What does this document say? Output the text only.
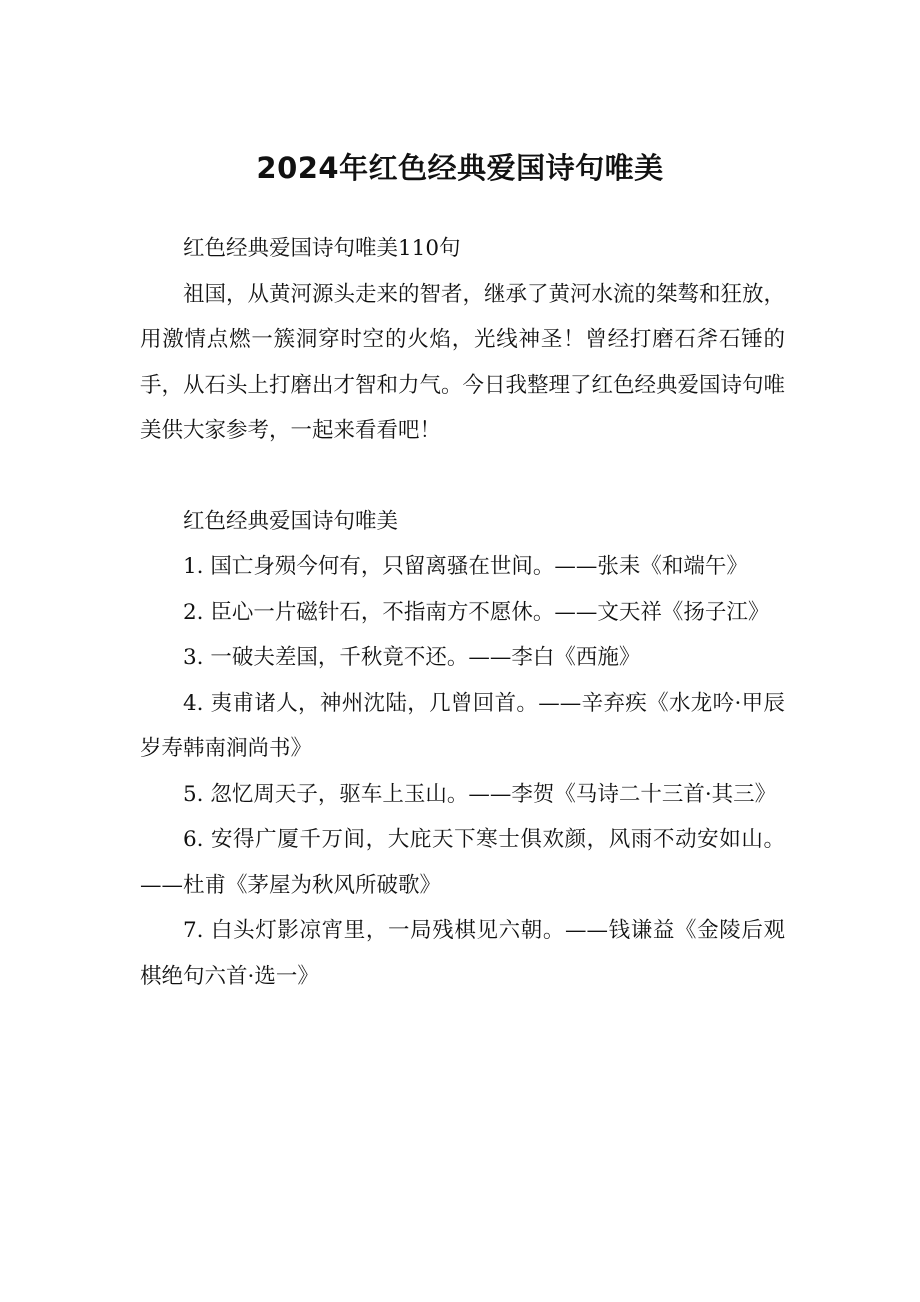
2024年红色经典爱国诗句唯美

红色经典爱国诗句唯美110句

祖国，从黄河源头走来的智者，继承了黄河水流的桀骜和狂放，用激情点燃一簇洞穿时空的火焰，光线神圣！曾经打磨石斧石锤的手，从石头上打磨出才智和力气。今日我整理了红色经典爱国诗句唯美供大家参考，一起来看看吧！

红色经典爱国诗句唯美

1. 国亡身殒今何有，只留离骚在世间。——张耒《和端午》

2. 臣心一片磁针石，不指南方不愿休。——文天祥《扬子江》

3. 一破夫差国，千秋竟不还。——李白《西施》

4. 夷甫诸人，神州沈陆，几曾回首。——辛弃疾《水龙吟·甲辰岁寿韩南涧尚书》

5. 忽忆周天子，驱车上玉山。——李贺《马诗二十三首·其三》

6. 安得广厦千万间，大庇天下寒士俱欢颜，风雨不动安如山。——杜甫《茅屋为秋风所破歌》

7. 白头灯影凉宵里，一局残棋见六朝。——钱谦益《金陵后观棋绝句六首·选一》
